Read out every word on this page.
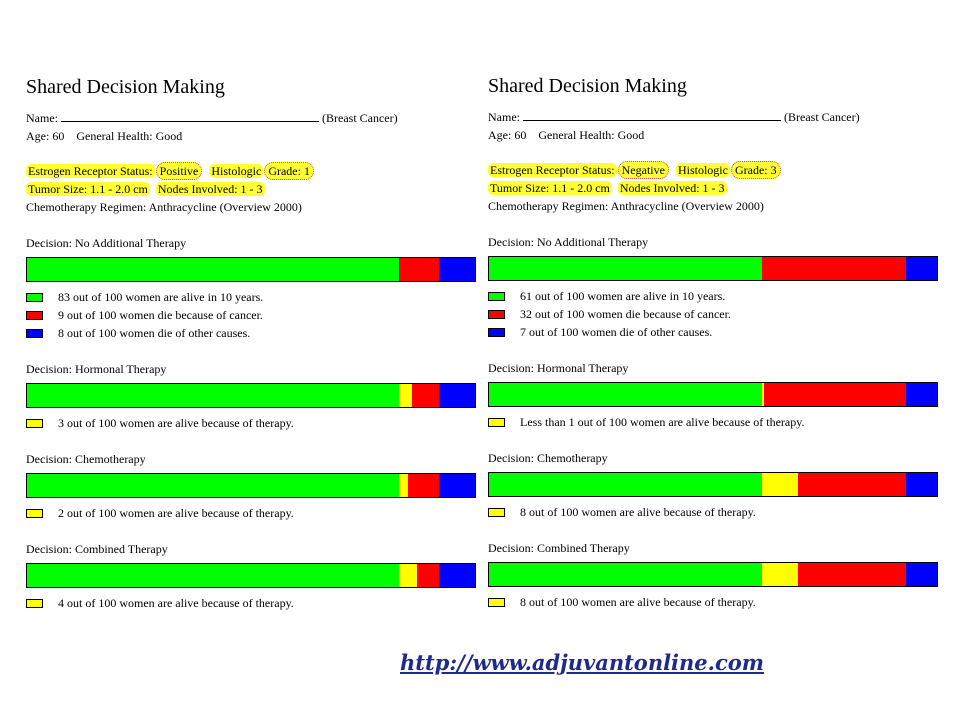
Shared Decision Making
Name:	(Breast Cancer)
Age: 60 General Health: Good
Estrogen Receptor Status: Positive Histologic Grade: 1
Tumor Size: 1.1 - 2.0 cm Nodes Involved: 1 - 3
Chemotherapy Regimen: Anthracycline (Overview 2000)
Decision: No Additional Therapy
83 out of 100 women are alive in 10 years.
9 out of 100 women die because of cancer.
8 out of 100 women die of other causes.
Decision: Hormonal Therapy
3 out of 100 women are alive because of therapy.
Decision: Chemotherapy
2 out of 100 women are alive because of therapy.
Decision: Combined Therapy
4 out of 100 women are alive because of therapy.
Shared Decision Making
Name:	(Breast Cancer)
Age: 60 General Health: Good
Estrogen Receptor Status: Negative Histologic Grade: 3
Tumor Size: 1.1 - 2.0 cm Nodes Involved: 1 - 3
Chemotherapy Regimen: Anthracycline (Overview 2000)
Decision: No Additional Therapy
61 out of 100 women are alive in 10 years.
32 out of 100 women die because of cancer.
7 out of 100 women die of other causes.
Decision: Hormonal Therapy
Less than 1 out of 100 women are alive because of therapy.
Decision: Chemotherapy
8 out of 100 women are alive because of therapy.
Decision: Combined Therapy
8 out of 100 women are alive because of therapy.
http://www.adjuvantonline.com
